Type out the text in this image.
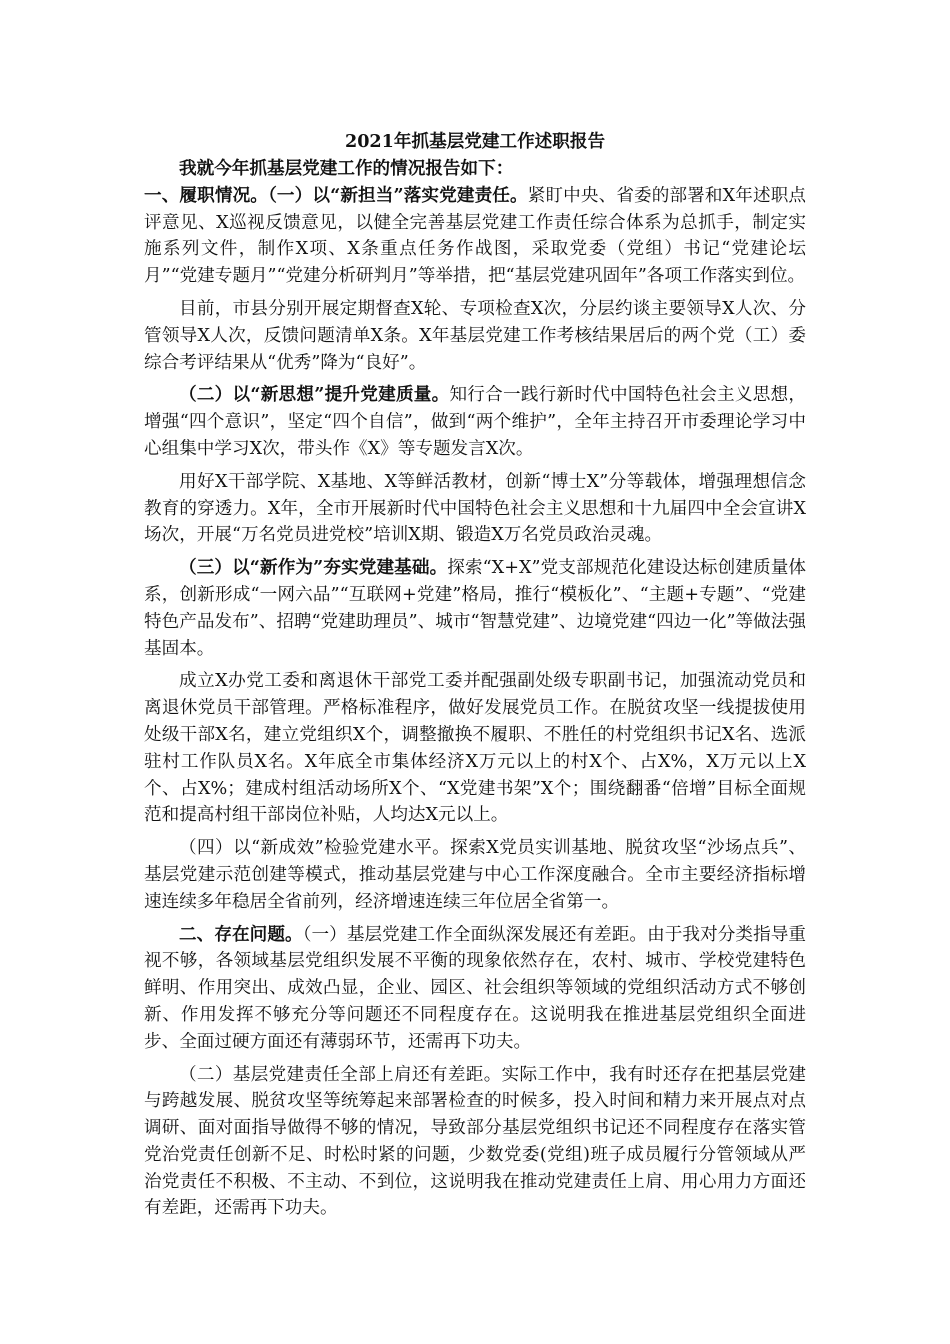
2021年抓基层党建工作述职报告

我就今年抓基层党建工作的情况报告如下：

一、履职情况。（一）以“新担当”落实党建责任。紧盯中央、省委的部署和X年述职点评意见、X巡视反馈意见，以健全完善基层党建工作责任综合体系为总抓手，制定实施系列文件，制作X项、X条重点任务作战图，采取党委（党组）书记“党建论坛月”“党建专题月”“党建分析研判月”等举措，把“基层党建巩固年”各项工作落实到位。

目前，市县分别开展定期督查X轮、专项检查X次，分层约谈主要领导X人次、分管领导X人次，反馈问题清单X条。X年基层党建工作考核结果居后的两个党（工）委综合考评结果从“优秀”降为“良好”。

（二）以“新思想”提升党建质量。知行合一践行新时代中国特色社会主义思想，增强“四个意识”，坚定“四个自信”，做到“两个维护”，全年主持召开市委理论学习中心组集中学习X次，带头作《X》等专题发言X次。

用好X干部学院、X基地、X等鲜活教材，创新“博士X”分等载体，增强理想信念教育的穿透力。X年，全市开展新时代中国特色社会主义思想和十九届四中全会宣讲X场次，开展“万名党员进党校”培训X期、锻造X万名党员政治灵魂。

（三）以“新作为”夯实党建基础。探索“X+X”党支部规范化建设达标创建质量体系，创新形成“一网六品”“互联网+党建”格局，推行“模板化”、“主题+专题”、“党建特色产品发布”、招聘“党建助理员”、城市“智慧党建”、边境党建“四边一化”等做法强基固本。

成立X办党工委和离退休干部党工委并配强副处级专职副书记，加强流动党员和离退休党员干部管理。严格标准程序，做好发展党员工作。在脱贫攻坚一线提拔使用处级干部X名，建立党组织X个，调整撤换不履职、不胜任的村党组织书记X名、选派驻村工作队员X名。X年底全市集体经济X万元以上的村X个、占X%，X万元以上X个、占X%；建成村组活动场所X个、“X党建书架”X个；围绕翻番“倍增”目标全面规范和提高村组干部岗位补贴，人均达X元以上。

（四）以“新成效”检验党建水平。探索X党员实训基地、脱贫攻坚“沙场点兵”、基层党建示范创建等模式，推动基层党建与中心工作深度融合。全市主要经济指标增速连续多年稳居全省前列，经济增速连续三年位居全省第一。

二、存在问题。（一）基层党建工作全面纵深发展还有差距。由于我对分类指导重视不够，各领域基层党组织发展不平衡的现象依然存在，农村、城市、学校党建特色鲜明、作用突出、成效凸显，企业、园区、社会组织等领域的党组织活动方式不够创新、作用发挥不够充分等问题还不同程度存在。这说明我在推进基层党组织全面进步、全面过硬方面还有薄弱环节，还需再下功夫。

（二）基层党建责任全部上肩还有差距。实际工作中，我有时还存在把基层党建与跨越发展、脱贫攻坚等统筹起来部署检查的时候多，投入时间和精力来开展点对点调研、面对面指导做得不够的情况，导致部分基层党组织书记还不同程度存在落实管党治党责任创新不足、时松时紧的问题，少数党委(党组)班子成员履行分管领域从严治党责任不积极、不主动、不到位，这说明我在推动党建责任上肩、用心用力方面还有差距，还需再下功夫。
